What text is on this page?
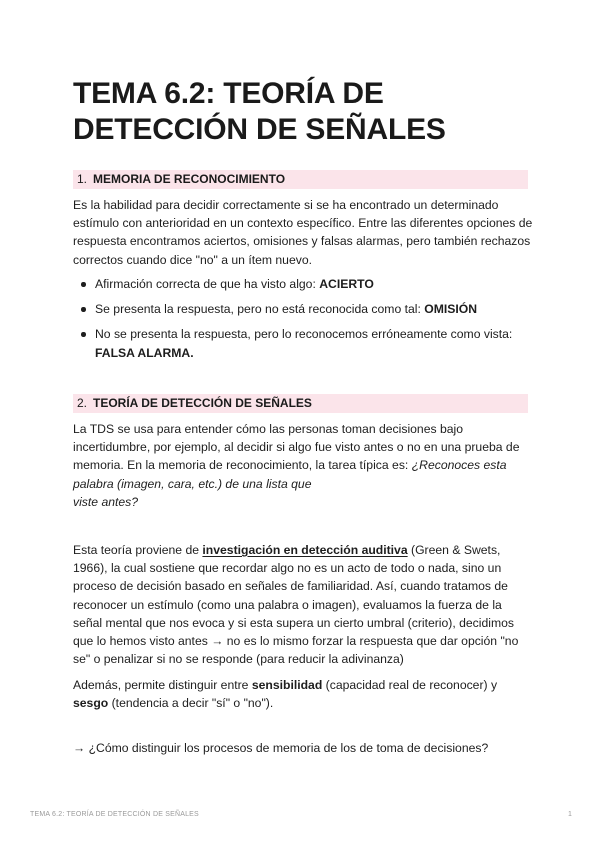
TEMA 6.2: TEORÍA DE DETECCIÓN DE SEÑALES
1. MEMORIA DE RECONOCIMIENTO

Es la habilidad para decidir correctamente si se ha encontrado un determinado estímulo con anterioridad en un contexto específico. Entre las diferentes opciones de respuesta encontramos aciertos, omisiones y falsas alarmas, pero también rechazos correctos cuando dice "no" a un ítem nuevo.

Afirmación correcta de que ha visto algo: ACIERTO
Se presenta la respuesta, pero no está reconocida como tal: OMISIÓN
No se presenta la respuesta, pero lo reconocemos erróneamente como vista: FALSA ALARMA.
2. TEORÍA DE DETECCIÓN DE SEÑALES

La TDS se usa para entender cómo las personas toman decisiones bajo incertidumbre, por ejemplo, al decidir si algo fue visto antes o no en una prueba de memoria. En la memoria de reconocimiento, la tarea típica es: ¿Reconoces esta palabra (imagen, cara, etc.) de una lista que
viste antes?

Esta teoría proviene de investigación en detección auditiva (Green & Swets, 1966), la cual sostiene que recordar algo no es un acto de todo o nada, sino un proceso de decisión basado en señales de familiaridad. Así, cuando tratamos de reconocer un estímulo (como una palabra o imagen), evaluamos la fuerza de la señal mental que nos evoca y si esta supera un cierto umbral (criterio), decidimos que lo hemos visto antes → no es lo mismo forzar la respuesta que dar opción "no se" o penalizar si no se responde (para reducir la adivinanza)

Además, permite distinguir entre sensibilidad (capacidad real de reconocer) y sesgo (tendencia a decir "sí" o "no").

→ ¿Cómo distinguir los procesos de memoria de los de toma de decisiones?

TEMA 6.2: TEORÍA DE DETECCIÓN DE SEÑALES	1
